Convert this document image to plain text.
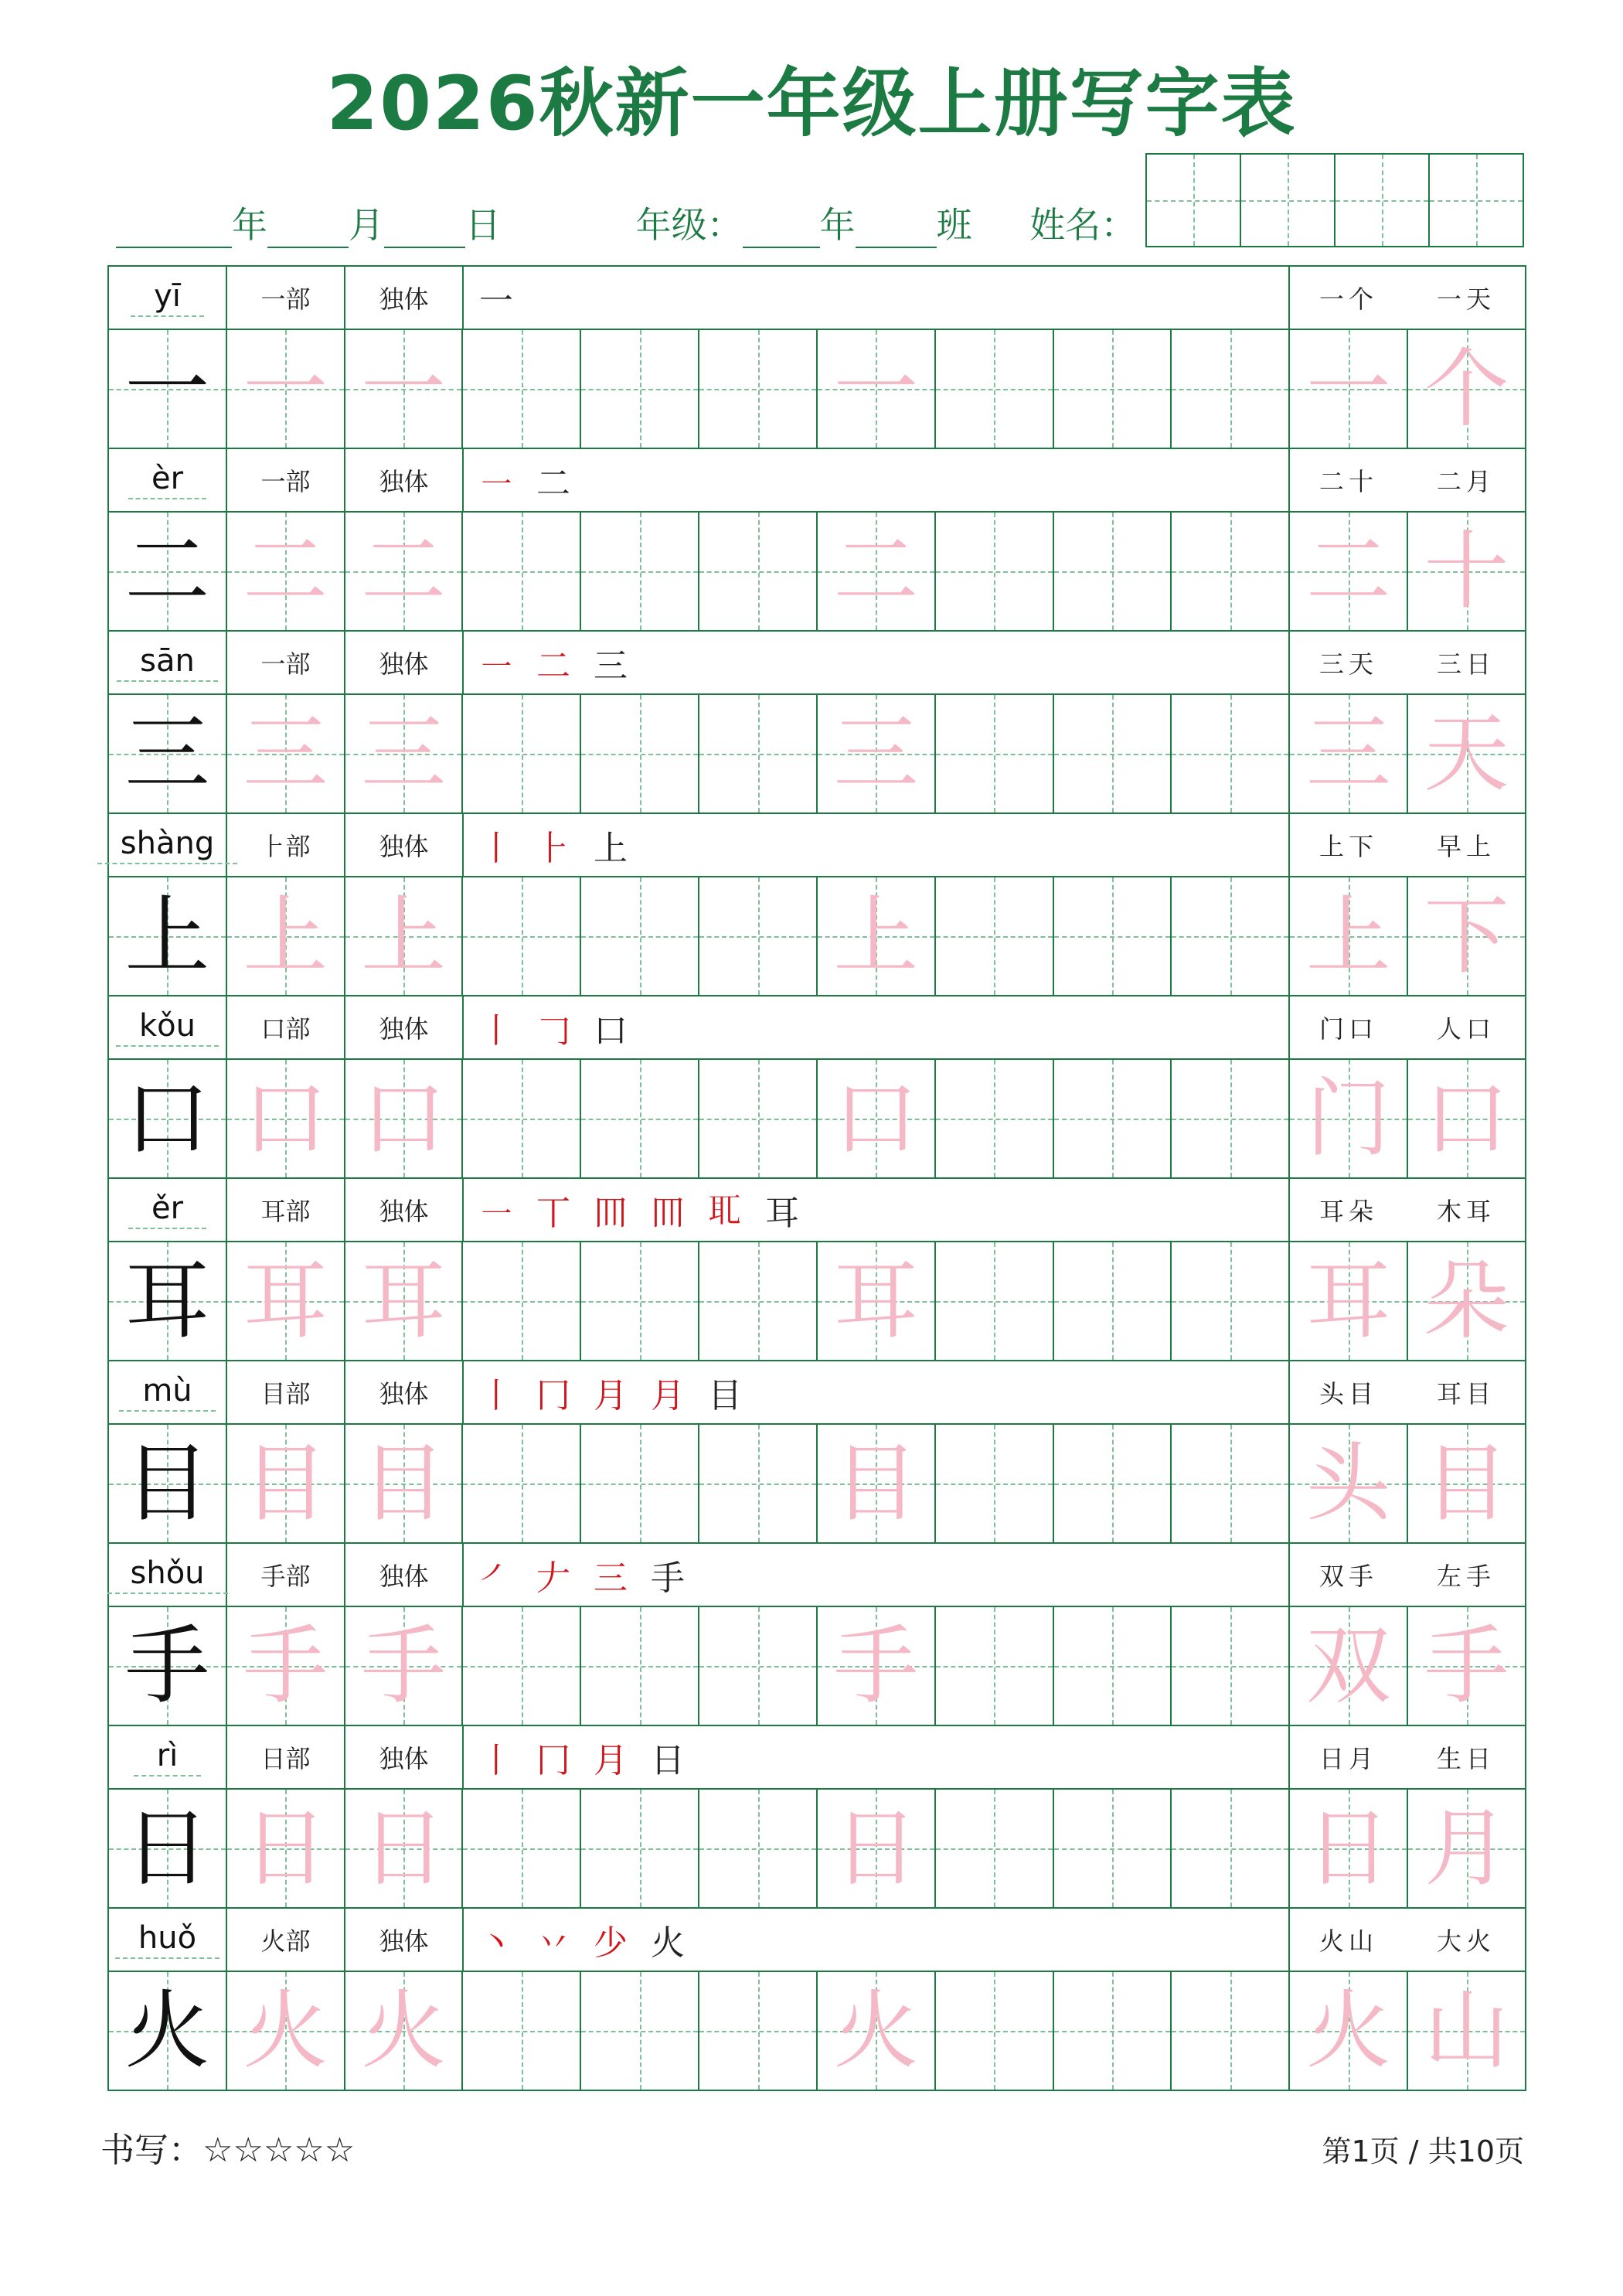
2026秋新一年级上册写字表
年 月 日	年级： 年 班 姓名：
yī	一部	独体 一	一个 一天
一 一 一	一	一 个
èr	一部	独体 ㇐ 二	二十 二月
二 二 二	二	二 十
sān	一部	独体 ㇐ 二 三	三天 三日
三 三 三	三	三 天
shàng	⺊部	独体 丨 ⺊ 上	上下 早上
上 上 上	上	上 下
kǒu	口部	独体 丨 𠃌 口	门口 人口
口 口 口	口	门 口
ěr	耳部	独体 ㇐ 丅 𦉫 𦉫 𦔮 耳	耳朵 木耳
耳 耳 耳	耳	耳 朵
mù	目部	独体 丨 冂 月 月 目	头目 耳目
目 目 目	目	头 目
shǒu	手部	独体 ㇒ 𠂇 三 手	双手 左手
手 手 手	手	双 手
rì	日部	独体 丨 冂 月 日	日月 生日
日 日 日	日	日 月
huǒ	火部	独体 丶 丷 少 火	火山 大火
火 火 火	火	火 山
书写：☆☆☆☆☆	第1页 / 共10页
